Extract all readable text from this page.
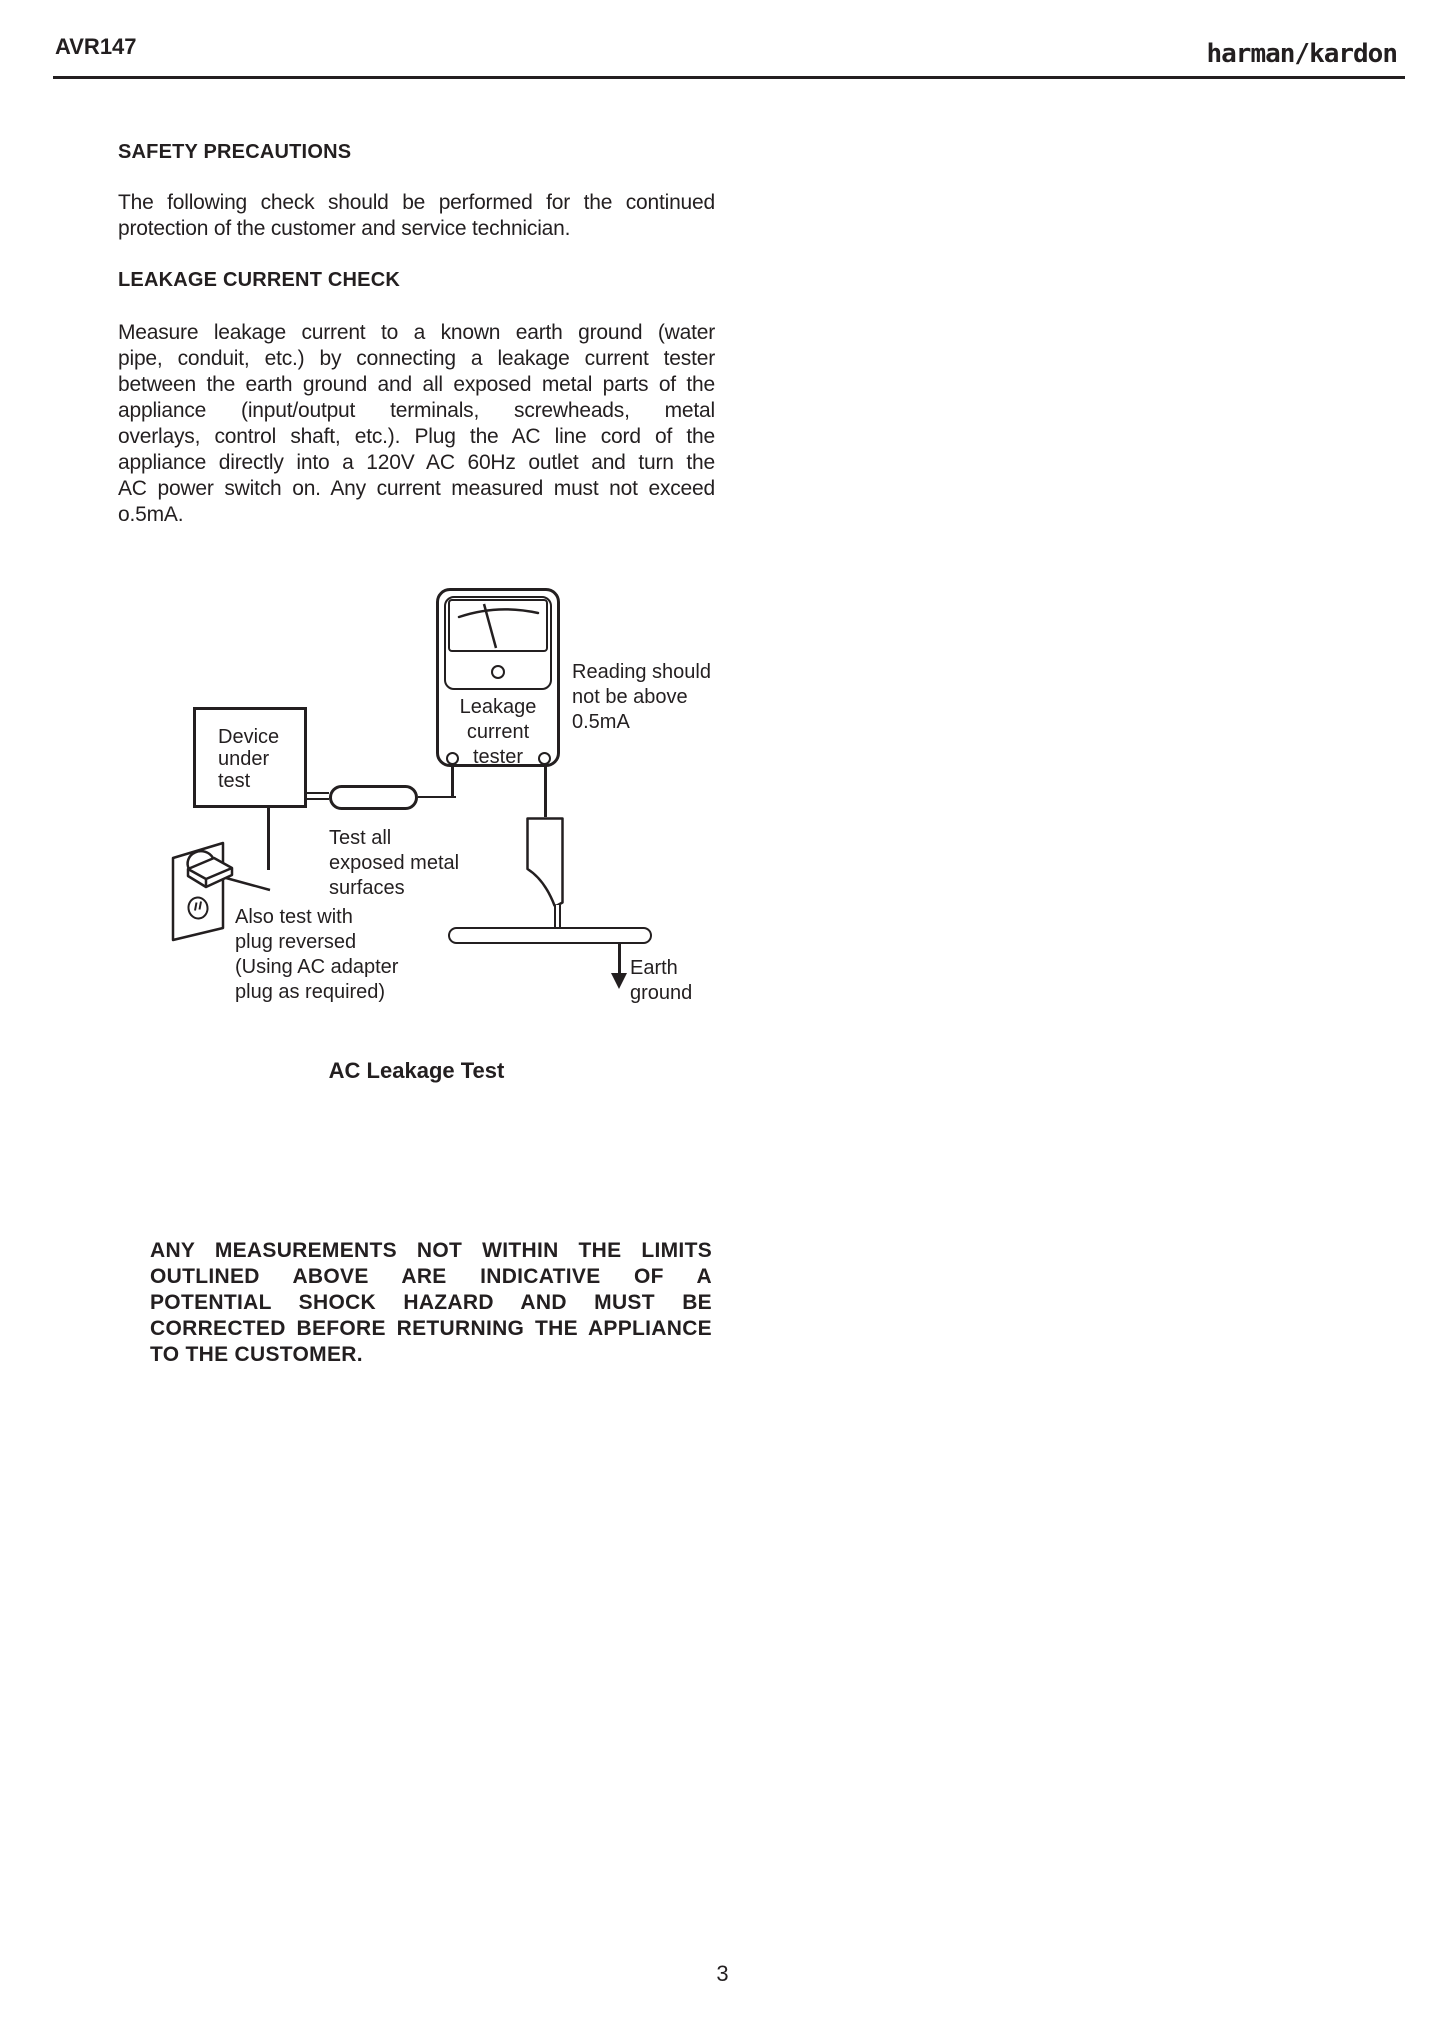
AVR147	harman/kardon
SAFETY PRECAUTIONS
The following check should be performed for the continued
protection of the customer and service technician.
LEAKAGE CURRENT CHECK
Measure leakage current to a known earth ground (water
pipe, conduit, etc.) by connecting a leakage current tester
between the earth ground and all exposed metal parts of the
appliance (input/output terminals, screwheads, metal
overlays, control shaft, etc.). Plug the AC line cord of the
appliance directly into a 120V AC 60Hz outlet and turn the
AC power switch on. Any current measured must not exceed
o.5mA.
Leakage
current
tester
Reading should
not be above
0.5mA
Device
under
test
Earth
ground
Test all
exposed metal
surfaces
Also test with
plug reversed
(Using AC adapter
plug as required)
AC Leakage Test
ANY MEASUREMENTS NOT WITHIN THE LIMITS
OUTLINED ABOVE ARE INDICATIVE OF A
POTENTIAL SHOCK HAZARD AND MUST BE
CORRECTED BEFORE RETURNING THE APPLIANCE
TO THE CUSTOMER.
3
